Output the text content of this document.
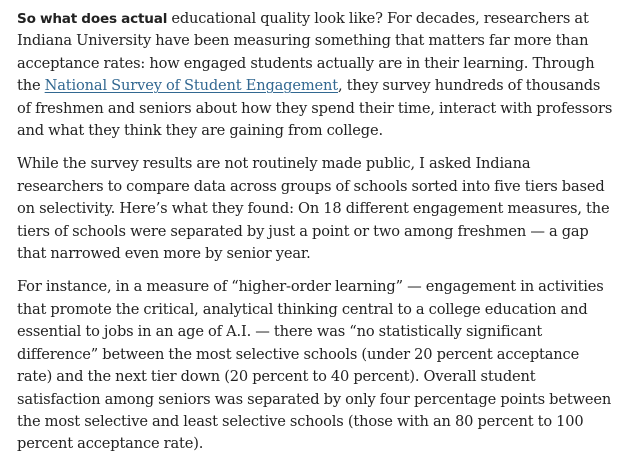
So what does actual educational quality look like? For decades, researchers at Indiana University have been measuring something that matters far more than acceptance rates: how engaged students actually are in their learning. Through the National Survey of Student Engagement, they survey hundreds of thousands of freshmen and seniors about how they spend their time, interact with professors and what they think they are gaining from college.

While the survey results are not routinely made public, I asked Indiana researchers to compare data across groups of schools sorted into five tiers based on selectivity. Here’s what they found: On 18 different engagement measures, the tiers of schools were separated by just a point or two among freshmen — a gap that narrowed even more by senior year.

For instance, in a measure of “higher-order learning” — engagement in activities that promote the critical, analytical thinking central to a college education and essential to jobs in an age of A.I. — there was “no statistically significant difference” between the most selective schools (under 20 percent acceptance rate) and the next tier down (20 percent to 40 percent). Overall student satisfaction among seniors was separated by only four percentage points between the most selective and least selective schools (those with an 80 percent to 100 percent acceptance rate).
